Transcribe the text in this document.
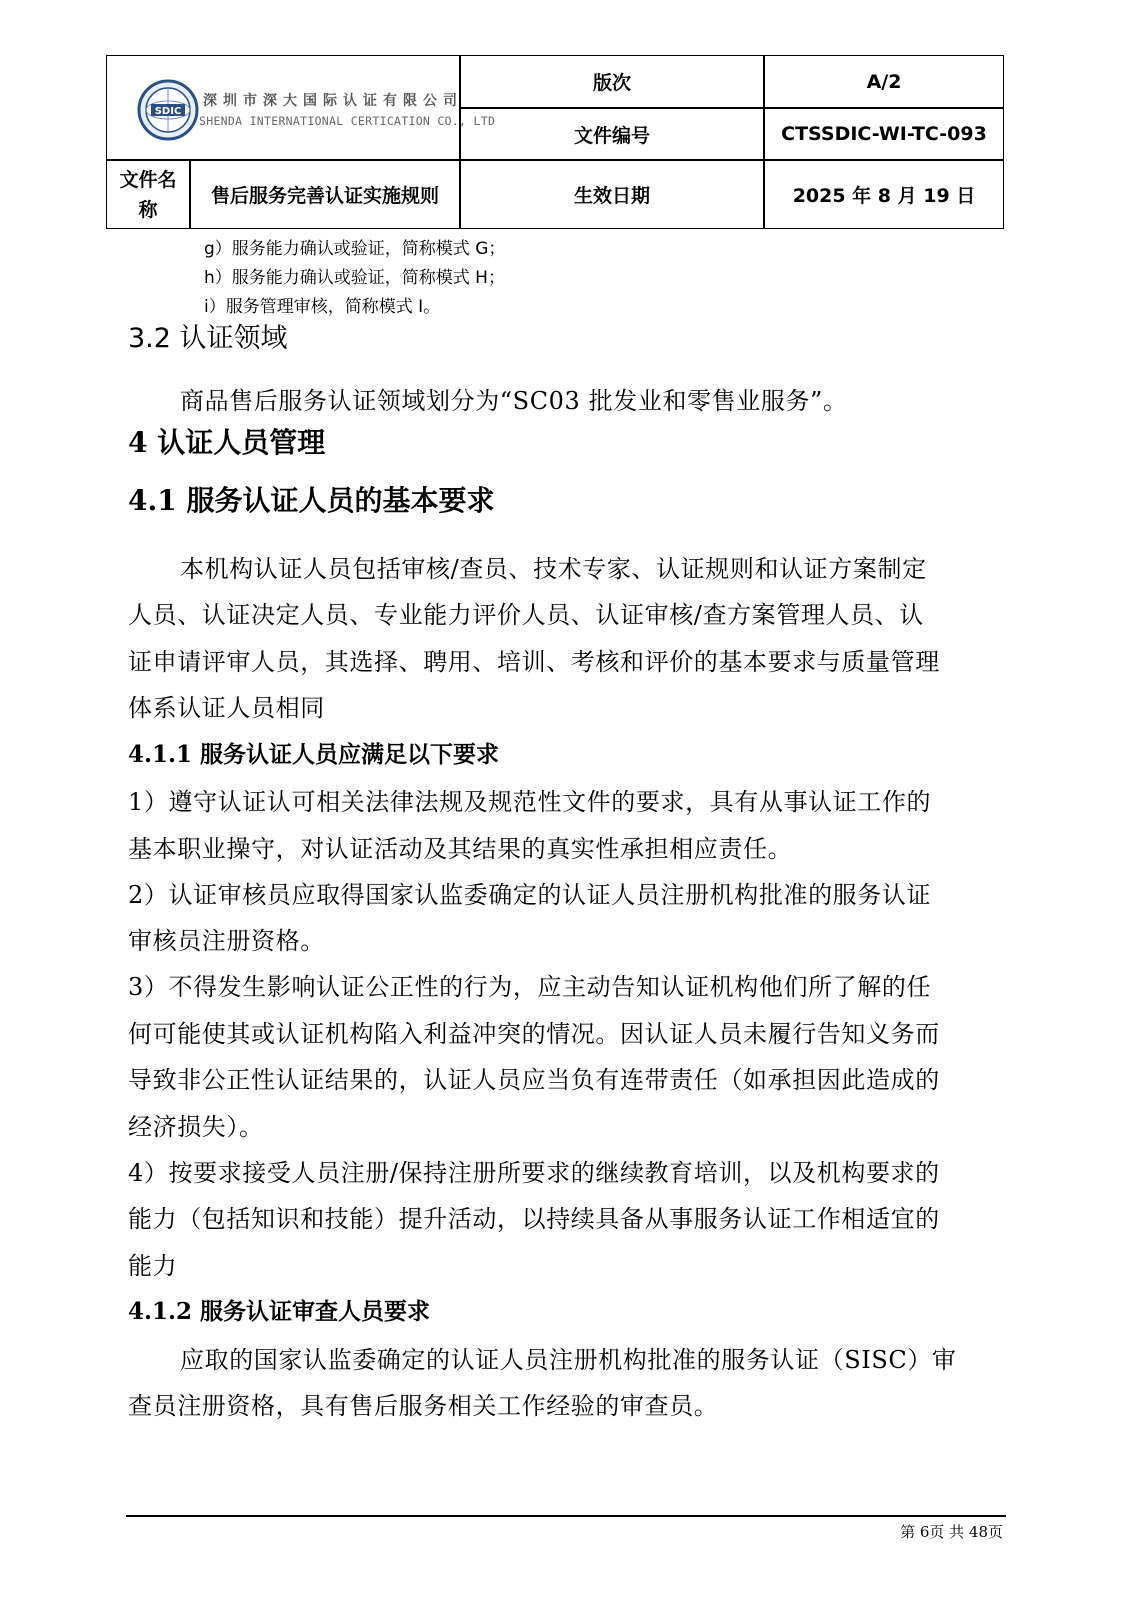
SDIC
深圳市深大国际认证有限公司
SHENDA INTERNATIONAL CERTICATION CO., LTD
版次	A/2
文件编号	CTSSDIC-WI-TC-093
文件名
称
售后服务完善认证实施规则	生效日期	2025 年 8 月 19 日
g）服务能力确认或验证，简称模式 G；
h）服务能力确认或验证，简称模式 H；
i）服务管理审核，简称模式 I。
3.2 认证领域
商品售后服务认证领域划分为“SC03 批发业和零售业服务”。
4 认证人员管理
4.1 服务认证人员的基本要求
本机构认证人员包括审核/查员、技术专家、认证规则和认证方案制定
人员、认证决定人员、专业能力评价人员、认证审核/查方案管理人员、认
证申请评审人员，其选择、聘用、培训、考核和评价的基本要求与质量管理
体系认证人员相同
4.1.1 服务认证人员应满足以下要求
1）遵守认证认可相关法律法规及规范性文件的要求，具有从事认证工作的
基本职业操守，对认证活动及其结果的真实性承担相应责任。
2）认证审核员应取得国家认监委确定的认证人员注册机构批准的服务认证
审核员注册资格。
3）不得发生影响认证公正性的行为，应主动告知认证机构他们所了解的任
何可能使其或认证机构陷入利益冲突的情况。因认证人员未履行告知义务而
导致非公正性认证结果的，认证人员应当负有连带责任（如承担因此造成的
经济损失）。
4）按要求接受人员注册/保持注册所要求的继续教育培训，以及机构要求的
能力（包括知识和技能）提升活动，以持续具备从事服务认证工作相适宜的
能力
4.1.2 服务认证审查人员要求
应取的国家认监委确定的认证人员注册机构批准的服务认证（SISC）审
查员注册资格，具有售后服务相关工作经验的审查员。
第 6页 共 48页
